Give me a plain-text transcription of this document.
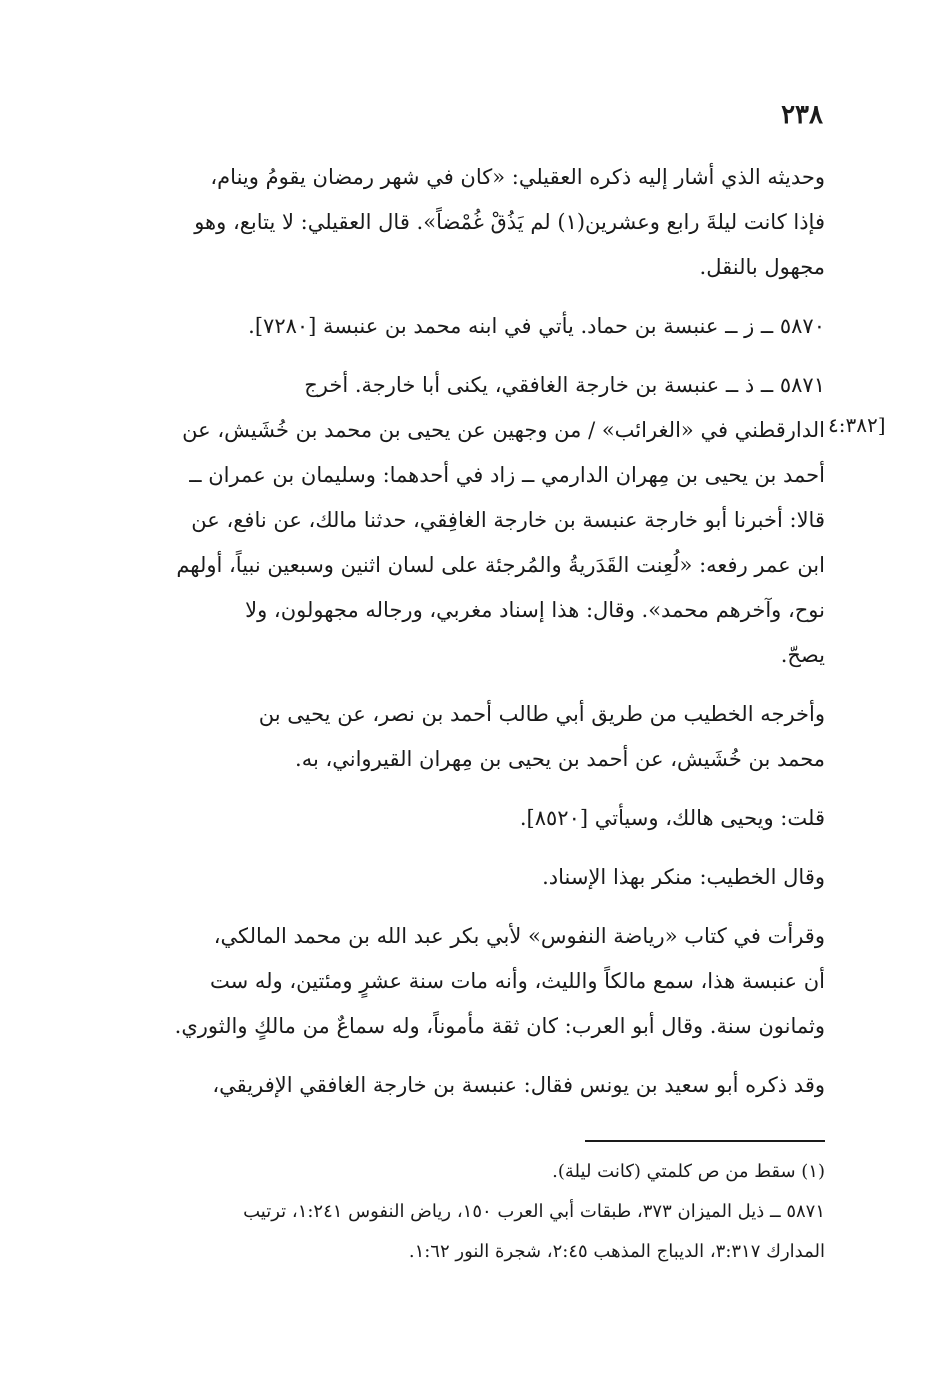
٢٣٨
[٤:٣٨٢
وحديثه الذي أشار إليه ذكره العقيلي: «كان في شهر رمضان يقومُ وينام،
فإذا كانت ليلةَ رابع وعشرين(١) لم يَذُقْ غُمْضاً». قال العقيلي: لا يتابع، وهو
مجهول بالنقل.
٥٨٧٠ ــ ز ــ عنبسة بن حماد. يأتي في ابنه محمد بن عنبسة [٧٢٨٠].
٥٨٧١ ــ ذ ــ عنبسة بن خارجة الغافقي، يكنى أبا خارجة. أخرج
الدارقطني في «الغرائب» / من وجهين عن يحيى بن محمد بن خُشَيش، عن
أحمد بن يحيى بن مِهران الدارمي ــ زاد في أحدهما: وسليمان بن عمران ــ
قالا: أخبرنا أبو خارجة عنبسة بن خارجة الغافِقي، حدثنا مالك، عن نافع، عن
ابن عمر رفعه: «لُعِنت القَدَريةُ والمُرجئة على لسان اثنين وسبعين نبياً، أولهم
نوح، وآخرهم محمد». وقال: هذا إسناد مغربي، ورجاله مجهولون، ولا
يصحّ.
وأخرجه الخطيب من طريق أبي طالب أحمد بن نصر، عن يحيى بن
محمد بن خُشَيش، عن أحمد بن يحيى بن مِهران القيرواني، به.
قلت: ويحيى هالك، وسيأتي [٨٥٢٠].
وقال الخطيب: منكر بهذا الإسناد.
وقرأت في كتاب «رياضة النفوس» لأبي بكر عبد الله بن محمد المالكي،
أن عنبسة هذا، سمع مالكاً والليث، وأنه مات سنة عشرٍ ومئتين، وله ست
وثمانون سنة. وقال أبو العرب: كان ثقة مأموناً، وله سماعٌ من مالكٍ والثوري.
وقد ذكره أبو سعيد بن يونس فقال: عنبسة بن خارجة الغافقي الإفريقي،
(١) سقط من ص كلمتي (كانت ليلة).
٥٨٧١ ــ ذيل الميزان ٣٧٣، طبقات أبي العرب ١٥٠، رياض النفوس ١:٢٤١، ترتيب
المدارك ٣:٣١٧، الديباج المذهب ٢:٤٥، شجرة النور ١:٦٢.
